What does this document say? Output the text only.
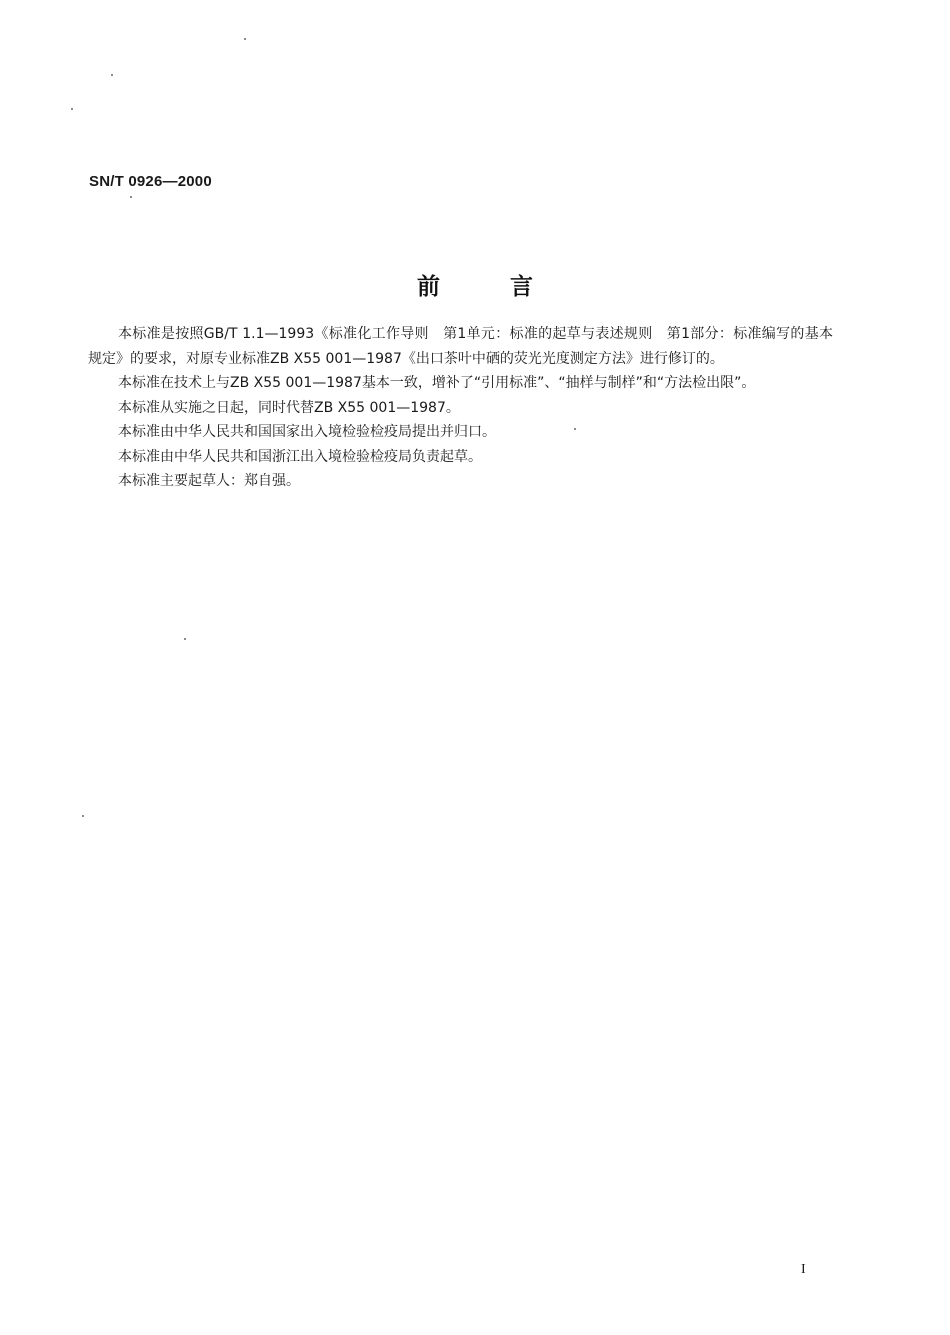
SN/T 0926—2000
前	言

本标准是按照GB/T 1.1—1993《标准化工作导则　第1单元：标准的起草与表述规则　第1部分：标准编写的基本规定》的要求，对原专业标准ZB X55 001—1987《出口茶叶中硒的荧光光度测定方法》进行修订的。

本标准在技术上与ZB X55 001—1987基本一致，增补了“引用标准”、“抽样与制样”和“方法检出限”。

本标准从实施之日起，同时代替ZB X55 001—1987。

本标准由中华人民共和国国家出入境检验检疫局提出并归口。

本标准由中华人民共和国浙江出入境检验检疫局负责起草。

本标准主要起草人：郑自强。

I
